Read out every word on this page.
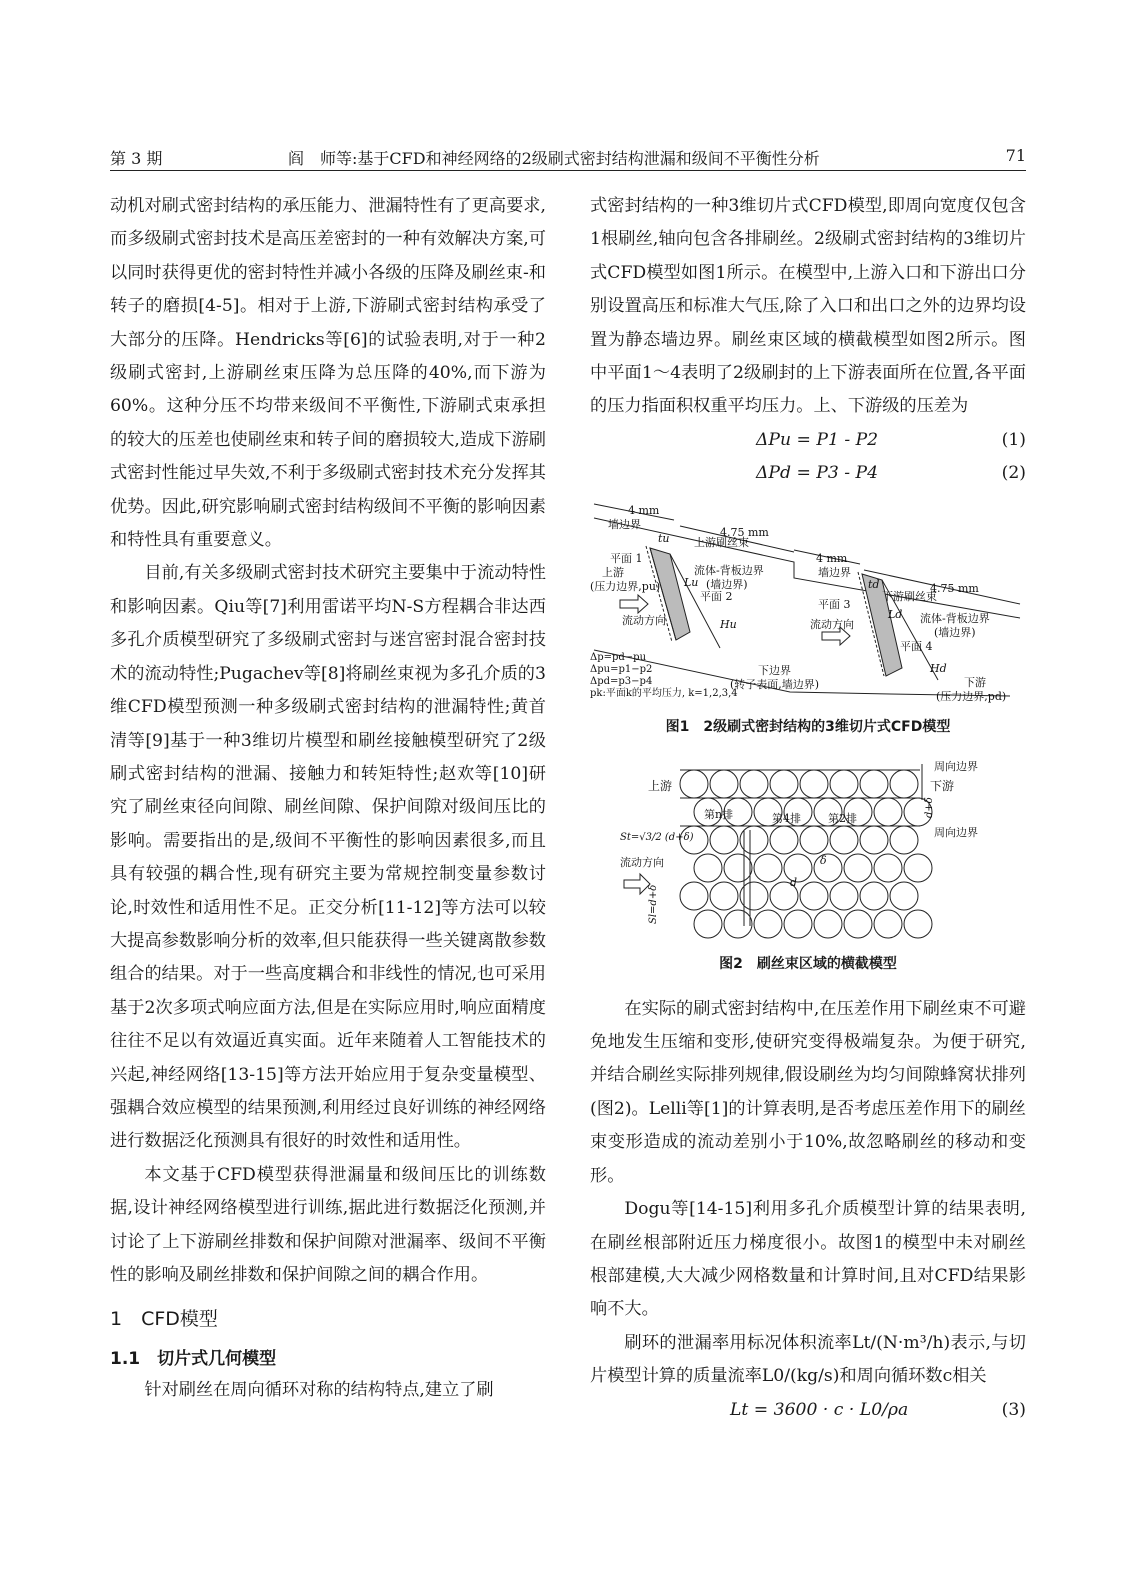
第 3 期	阎　师等:基于CFD和神经网络的2级刷式密封结构泄漏和级间不平衡性分析	71

动机对刷式密封结构的承压能力、泄漏特性有了更高要求,而多级刷式密封技术是高压差密封的一种有效解决方案,可以同时获得更优的密封特性并减小各级的压降及刷丝束-和转子的磨损[4-5]。相对于上游,下游刷式密封结构承受了大部分的压降。Hendricks等[6]的试验表明,对于一种2级刷式密封,上游刷丝束压降为总压降的40%,而下游为60%。这种分压不均带来级间不平衡性,下游刷式束承担的较大的压差也使刷丝束和转子间的磨损较大,造成下游刷式密封性能过早失效,不利于多级刷式密封技术充分发挥其优势。因此,研究影响刷式密封结构级间不平衡的影响因素和特性具有重要意义。

目前,有关多级刷式密封技术研究主要集中于流动特性和影响因素。Qiu等[7]利用雷诺平均N-S方程耦合非达西多孔介质模型研究了多级刷式密封与迷宫密封混合密封技术的流动特性;Pugachev等[8]将刷丝束视为多孔介质的3维CFD模型预测一种多级刷式密封结构的泄漏特性;黄首清等[9]基于一种3维切片模型和刷丝接触模型研究了2级刷式密封结构的泄漏、接触力和转矩特性;赵欢等[10]研究了刷丝束径向间隙、刷丝间隙、保护间隙对级间压比的影响。需要指出的是,级间不平衡性的影响因素很多,而且具有较强的耦合性,现有研究主要为常规控制变量参数讨论,时效性和适用性不足。正交分析[11-12]等方法可以较大提高参数影响分析的效率,但只能获得一些关键离散参数组合的结果。对于一些高度耦合和非线性的情况,也可采用基于2次多项式响应面方法,但是在实际应用时,响应面精度往往不足以有效逼近真实面。近年来随着人工智能技术的兴起,神经网络[13-15]等方法开始应用于复杂变量模型、强耦合效应模型的结果预测,利用经过良好训练的神经网络进行数据泛化预测具有很好的时效性和适用性。

本文基于CFD模型获得泄漏量和级间压比的训练数据,设计神经网络模型进行训练,据此进行数据泛化预测,并讨论了上下游刷丝排数和保护间隙对泄漏率、级间不平衡性的影响及刷丝排数和保护间隙之间的耦合作用。

1　CFD模型

1.1　切片式几何模型

针对刷丝在周向循环对称的结构特点,建立了刷

式密封结构的一种3维切片式CFD模型,即周向宽度仅包含1根刷丝,轴向包含各排刷丝。2级刷式密封结构的3维切片式CFD模型如图1所示。在模型中,上游入口和下游出口分别设置高压和标准大气压,除了入口和出口之外的边界均设置为静态墙边界。刷丝束区域的横截模型如图2所示。图中平面1～4表明了2级刷封的上下游表面所在位置,各平面的压力指面积权重平均压力。上、下游级的压差为

ΔPu = P1 - P2	(1)
ΔPd = P3 - P4	(2)
4 mm
4.75 mm
4 mm
4.75 mm
墙边界
墙边界
tu
td
平面 1
平面 2
平面 3
平面 4
上游刷丝束
下游刷丝束
上游
(压力边界,pu)
流动方向	流动方向
流体-背板边界
(墙边界)
流体-背板边界
(墙边界)
Lu
Ld
Hu
Hd
下边界
(转子表面,墙边界)	下游
(压力边界,pd)
Δp=pd−pu
Δpu=p1−p2
Δpd=p3−p4
pk:平面k的平均压力, k=1,2,3,4
图1　2级刷式密封结构的3维切片式CFD模型
上游	下游
周向边界
周向边界
第n排	第4排 第2排
流动方向
St=√3/2 (d+δ)
Sl=d+δ
d+δ
d
δ
图2　刷丝束区域的横截模型

在实际的刷式密封结构中,在压差作用下刷丝束不可避免地发生压缩和变形,使研究变得极端复杂。为便于研究,并结合刷丝实际排列规律,假设刷丝为均匀间隙蜂窝状排列(图2)。Lelli等[1]的计算表明,是否考虑压差作用下的刷丝束变形造成的流动差别小于10%,故忽略刷丝的移动和变形。

Dogu等[14-15]利用多孔介质模型计算的结果表明,在刷丝根部附近压力梯度很小。故图1的模型中未对刷丝根部建模,大大减少网格数量和计算时间,且对CFD结果影响不大。

刷环的泄漏率用标况体积流率Lt/(N·m³/h)表示,与切片模型计算的质量流率L0/(kg/s)和周向循环数c相关

Lt = 3600 · c · L0/ρa	(3)
